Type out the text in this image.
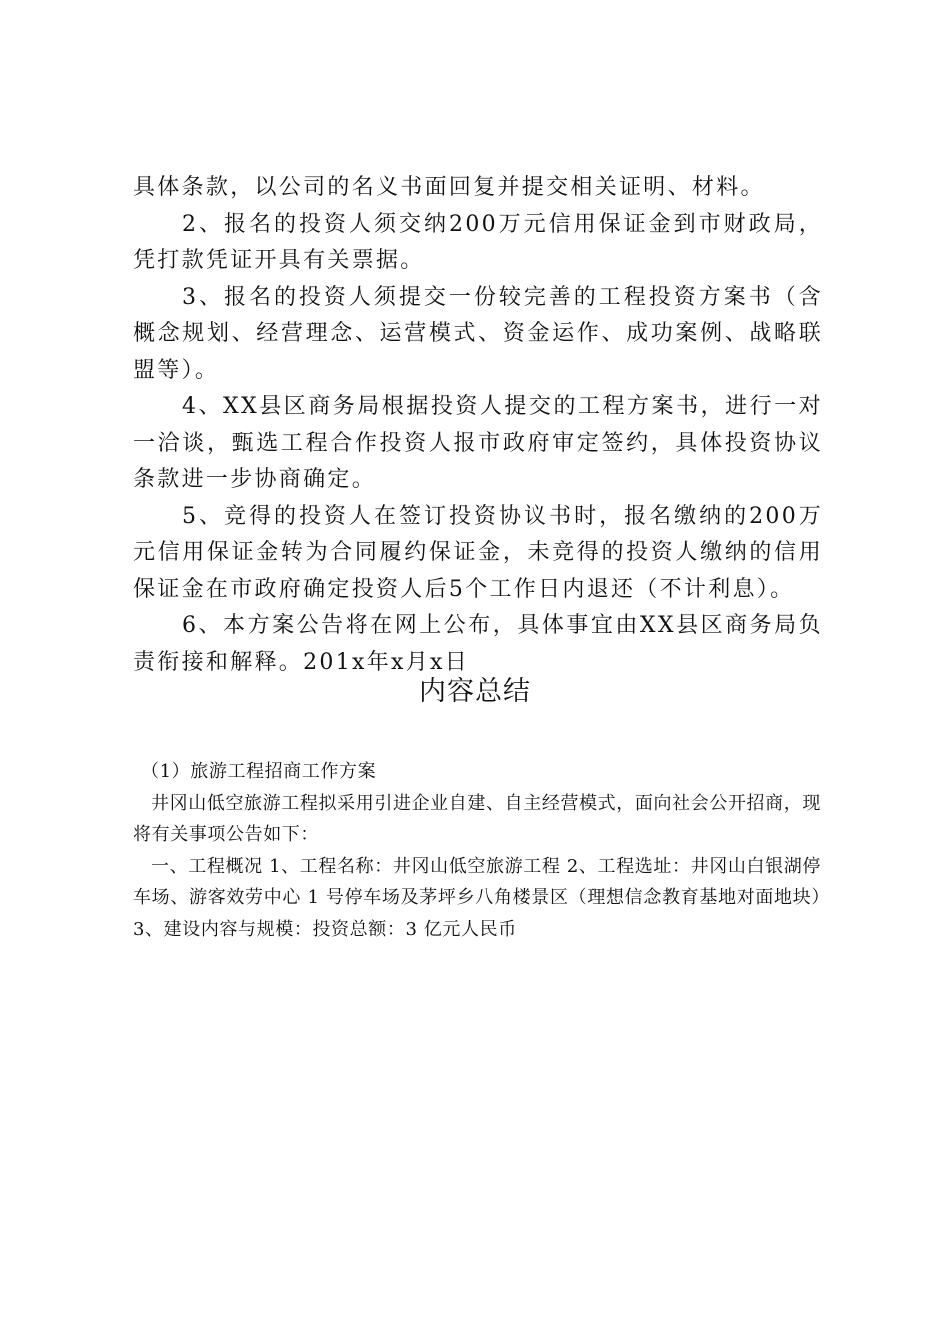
具体条款，以公司的名义书面回复并提交相关证明、材料。

2、报名的投资人须交纳200万元信用保证金到市财政局，凭打款凭证开具有关票据。

3、报名的投资人须提交一份较完善的工程投资方案书（含概念规划、经营理念、运营模式、资金运作、成功案例、战略联盟等）。

4、XX县区商务局根据投资人提交的工程方案书，进行一对一洽谈，甄选工程合作投资人报市政府审定签约，具体投资协议条款进一步协商确定。

5、竞得的投资人在签订投资协议书时，报名缴纳的200万元信用保证金转为合同履约保证金，未竞得的投资人缴纳的信用保证金在市政府确定投资人后5个工作日内退还（不计利息）。

6、本方案公告将在网上公布，具体事宜由XX县区商务局负责衔接和解释。201x年x月x日

内容总结

（1）旅游工程招商工作方案

井冈山低空旅游工程拟采用引进企业自建、自主经营模式，面向社会公开招商，现将有关事项公告如下：

一、工程概况 1、工程名称：井冈山低空旅游工程 2、工程选址：井冈山白银湖停车场、游客效劳中心 1 号停车场及茅坪乡八角楼景区（理想信念教育基地对面地块）3、建设内容与规模：投资总额：3 亿元人民币
